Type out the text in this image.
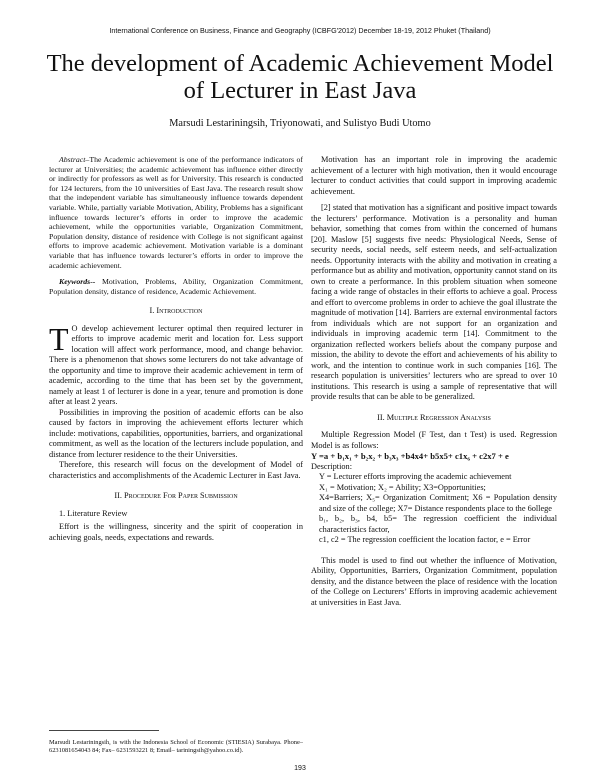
International Conference on Business, Finance and Geography (ICBFG'2012) December 18-19, 2012 Phuket (Thailand)
The development of Academic Achievement Model of Lecturer in East Java
Marsudi Lestariningsih, Triyonowati, and Sulistyo Budi Utomo

Abstract–The Academic achievement is one of the performance indicators of lecturer at Universities; the academic achievement has influence either directly or indirectly for professors as well as for University. This research is conducted for 124 lecturers, from the 10 universities of East Java. The research result show that the independent variable has simultaneously influence towards dependent variable. While, partially variable Motivation, Ability, Problems has a significant influence towards lecturer’s efforts in order to improve the academic achievement, while the opportunities variable, Organization Commitment, Population density, distance of residence with College is not significant against efforts to improve academic achievement. Motivation variable is a dominant variable that has influence towards lecturer’s efforts in order to improve the academic achievement.

Keywords-- Motivation, Problems, Ability, Organization Commitment, Population density, distance of residence, Academic Achievement.

I. Introduction

T O develop achievement lecturer optimal then required lecturer in efforts to improve academic merit and location for. Less support location will affect work performance, mood, and change behavior. There is a phenomenon that shows some lecturers do not take advantage of the opportunity and time to improve their academic achievement in term of academic, according to the time that has been set by the government, namely at least 1 of lecturer is done in a year, tenure and promotion is done after at least 2 years.

Possibilities in improving the position of academic efforts can be also caused by factors in improving the achievement efforts lecturer which include: motivations, capabilities, opportunities, barriers, and organizational commitment, as well as the location of the lecturers include population, and distance from lecturer residence to the their Universities.

Therefore, this research will focus on the development of Model of characteristics and accomplishments of the Academic Lecturer in East Java.

II. Procedure For Paper Submission

1. Literature Review

Effort is the willingness, sincerity and the spirit of cooperation in achieving goals, needs, expectations and rewards.

Marsudi Lestariningsih, is with the Indonesia School of Economic (STIESIA) Surabaya. Phone–6231081654043 84; Fax– 6231593221 8; Email– tariningsih@yahoo.co.id).

Motivation has an important role in improving the academic achievement of a lecturer with high motivation, then it would encourage lecturer to conduct activities that could support in improving academic achievement.

[2] stated that motivation has a significant and positive impact towards the lecturers’ performance. Motivation is a personality and human behavior, something that comes from within the concerned of humans [20]. Maslow [5] suggests five needs: Physiological Needs, Sense of security needs, social needs, self esteem needs, and self-actualization needs. Opportunity interacts with the ability and motivation in creating a performance but as ability and motivation, opportunity cannot stand on its own to create a performance. In this problem situation when someone facing a wide range of obstacles in their efforts to achieve a goal. Process and effort to overcome problems in order to achieve the goal illustrate the magnitude of motivation [14]. Barriers are external environmental factors from individuals which are not support for an organization and individuals in improving academic term [14]. Commitment to the organization reflected workers beliefs about the company purpose and mission, the ability to devote the effort and achievements of his ability to work, and the intention to continue work in such companies [16]. The research population is universities’ lecturers who are spread to over 10 institutions. This research is using a sample of representative that will provide results that can be able to be generalized.

II. Multiple Regression Analysis

Multiple Regression Model (F Test, dan t Test) is used. Regression Model is as follows:

Y =a + b₁x₁ + b₂x₂ + b₃x₃ +b4x4+ b5x5+ c1x₆ + c2x7 + e

Description:

Y = Lecturer efforts improving the academic achievement

X₁ = Motivation; X₂ = Ability; X3=Opportunities;

X4=Barriers; X₅= Organization Comitment; X6 = Population density and size of the college; X7= Distance respondents place to the 6ollege

b₁, b₂, b₃, b4, b5= The regression coefficient the individual characteristics factor,

c1, c2 = The regression coefficient the location factor, e = Error

This model is used to find out whether the influence of Motivation, Ability, Opportunities, Barriers, Organization Commitment, population density, and the distance between the place of residence with the location of the College on Lecturers’ Efforts in improving academic achievement at universities in East Java.

193
